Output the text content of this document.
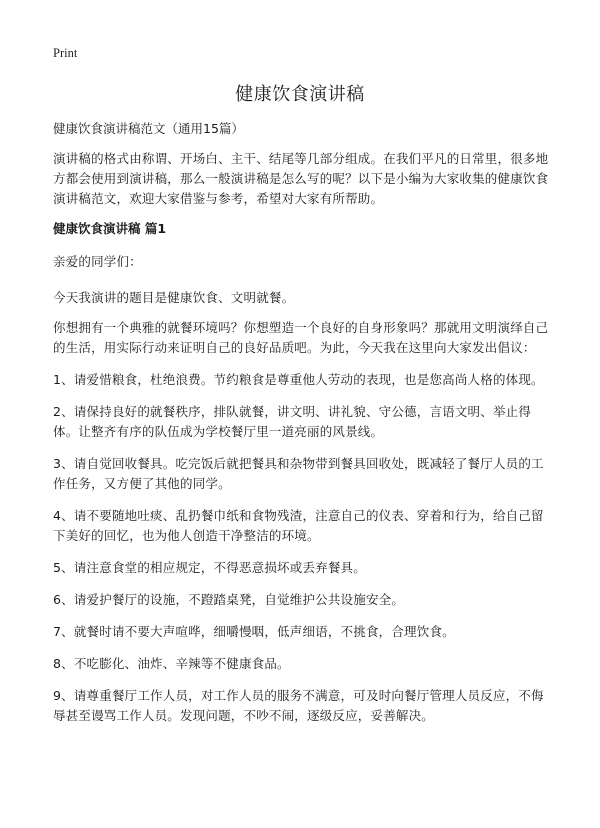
Print
健康饮食演讲稿

健康饮食演讲稿范文（通用15篇）

演讲稿的格式由称谓、开场白、主干、结尾等几部分组成。在我们平凡的日常里，很多地方都会使用到演讲稿，那么一般演讲稿是怎么写的呢？以下是小编为大家收集的健康饮食演讲稿范文，欢迎大家借鉴与参考，希望对大家有所帮助。

健康饮食演讲稿 篇1

亲爱的同学们：

今天我演讲的题目是健康饮食、文明就餐。

你想拥有一个典雅的就餐环境吗？你想塑造一个良好的自身形象吗？那就用文明演绎自己的生活，用实际行动来证明自己的良好品质吧。为此，今天我在这里向大家发出倡议：

1、请爱惜粮食，杜绝浪费。节约粮食是尊重他人劳动的表现，也是您高尚人格的体现。

2、请保持良好的就餐秩序，排队就餐，讲文明、讲礼貌、守公德，言语文明、举止得体。让整齐有序的队伍成为学校餐厅里一道亮丽的风景线。

3、请自觉回收餐具。吃完饭后就把餐具和杂物带到餐具回收处，既减轻了餐厅人员的工作任务，又方便了其他的同学。

4、请不要随地吐痰、乱扔餐巾纸和食物残渣，注意自己的仪表、穿着和行为，给自己留下美好的回忆，也为他人创造干净整洁的环境。

5、请注意食堂的相应规定，不得恶意损坏或丢弃餐具。

6、请爱护餐厅的设施，不蹬踏桌凳，自觉维护公共设施安全。

7、就餐时请不要大声喧哗，细嚼慢咽，低声细语，不挑食，合理饮食。

8、不吃膨化、油炸、辛辣等不健康食品。

9、请尊重餐厅工作人员，对工作人员的服务不满意，可及时向餐厅管理人员反应，不侮辱甚至谩骂工作人员。发现问题，不吵不闹，逐级反应，妥善解决。
